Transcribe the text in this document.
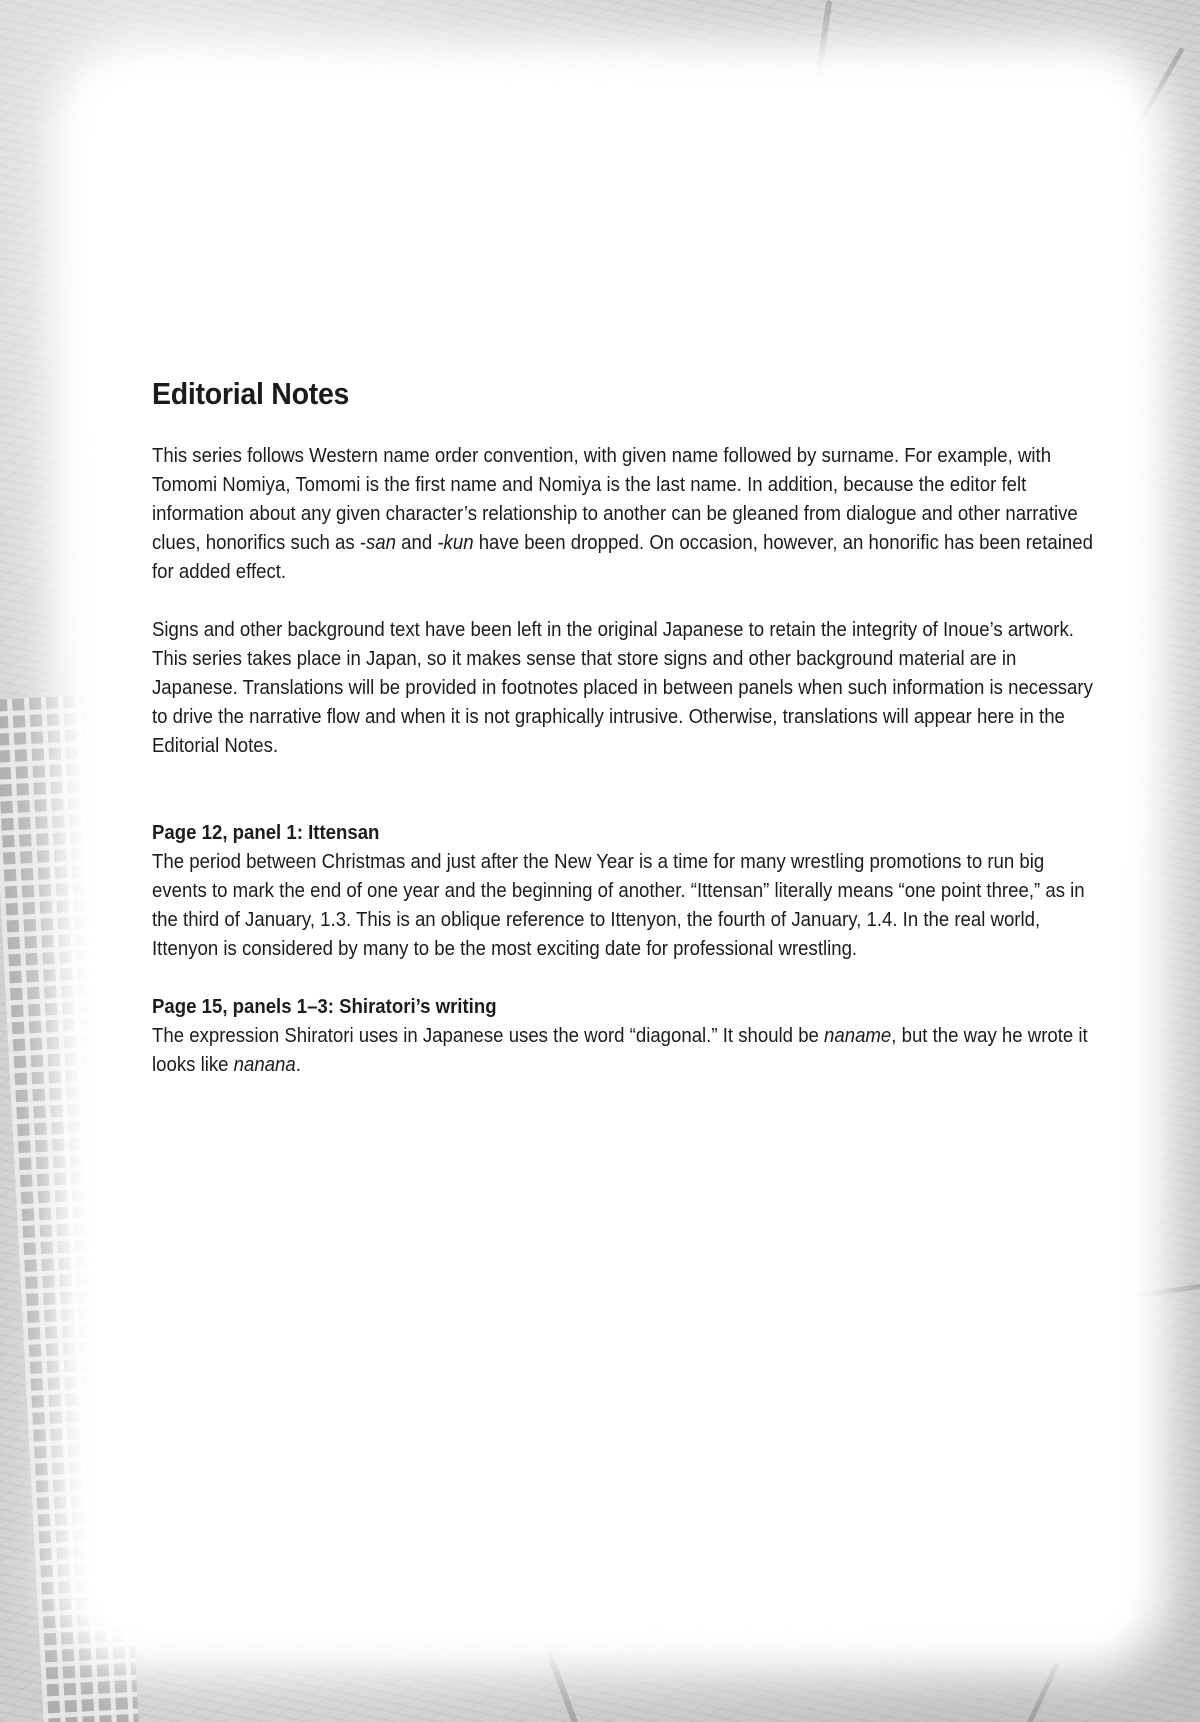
Editorial Notes

This series follows Western name order convention, with given name followed by surname. For example, with Tomomi Nomiya, Tomomi is the first name and Nomiya is the last name. In addition, because the editor felt information about any given character’s relationship to another can be gleaned from dialogue and other narrative clues, honorifics such as -san and -kun have been dropped. On occasion, however, an honorific has been retained for added effect.

Signs and other background text have been left in the original Japanese to retain the integrity of Inoue’s artwork. This series takes place in Japan, so it makes sense that store signs and other background material are in Japanese. Translations will be provided in footnotes placed in between panels when such information is necessary to drive the narrative flow and when it is not graphically intrusive. Otherwise, translations will appear here in the Editorial Notes.

Page 12, panel 1: Ittensan

The period between Christmas and just after the New Year is a time for many wrestling promotions to run big events to mark the end of one year and the beginning of another. “Ittensan” literally means “one point three,” as in the third of January, 1.3. This is an oblique reference to Ittenyon, the fourth of January, 1.4. In the real world, Ittenyon is considered by many to be the most exciting date for professional wrestling.

Page 15, panels 1–3: Shiratori’s writing

The expression Shiratori uses in Japanese uses the word “diagonal.” It should be naname, but the way he wrote it looks like nanana.
